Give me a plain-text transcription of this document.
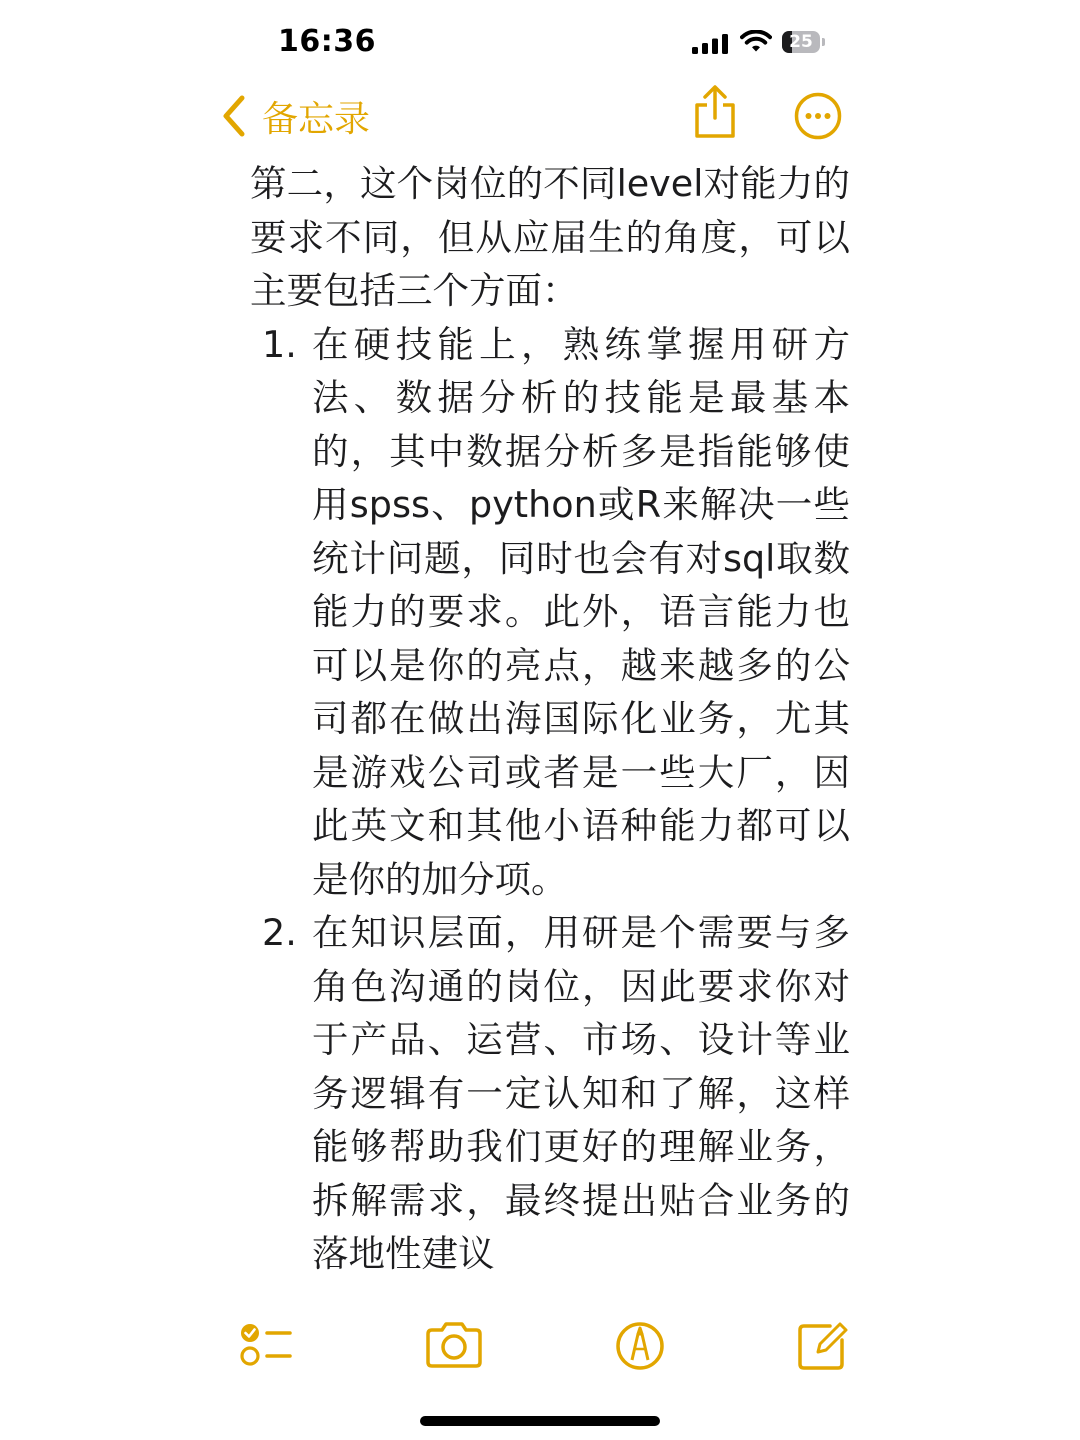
16:36	25
备忘录

第二，这个岗位的不同level对能力的要求不同，但从应届生的角度，可以主要包括三个方面：

1. 在硬技能上，熟练掌握用研方法、数据分析的技能是最基本的，其中数据分析多是指能够使用spss、python或R来解决一些统计问题，同时也会有对sql取数能力的要求。此外，语言能力也可以是你的亮点，越来越多的公司都在做出海国际化业务，尤其是游戏公司或者是一些大厂，因此英文和其他小语种能力都可以是你的加分项。
2. 在知识层面，用研是个需要与多角色沟通的岗位，因此要求你对于产品、运营、市场、设计等业务逻辑有一定认知和了解，这样能够帮助我们更好的理解业务，拆解需求，最终提出贴合业务的落地性建议
